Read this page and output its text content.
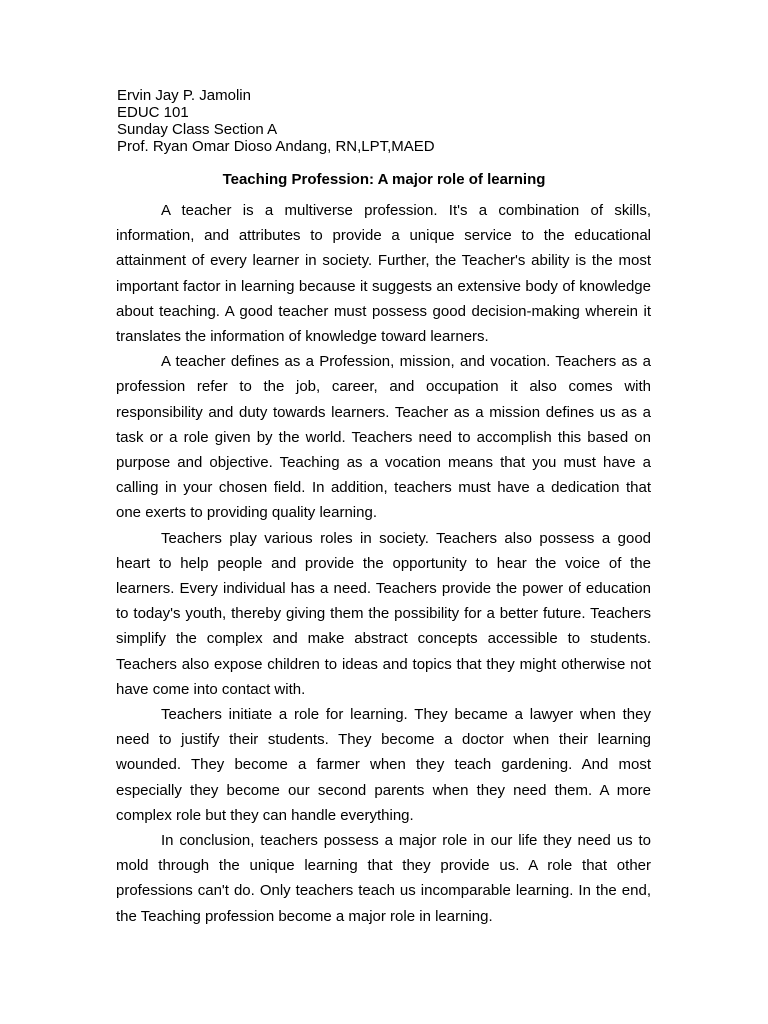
Ervin Jay P. Jamolin
EDUC 101
Sunday Class Section A
Prof. Ryan Omar Dioso Andang, RN,LPT,MAED
Teaching Profession: A major role of learning

A teacher is a multiverse profession. It's a combination of skills, information, and attributes to provide a unique service to the educational attainment of every learner in society. Further, the Teacher's ability is the most important factor in learning because it suggests an extensive body of knowledge about teaching. A good teacher must possess good decision-making wherein it translates the information of knowledge toward learners.

A teacher defines as a Profession, mission, and vocation. Teachers as a profession refer to the job, career, and occupation it also comes with responsibility and duty towards learners. Teacher as a mission defines us as a task or a role given by the world. Teachers need to accomplish this based on purpose and objective. Teaching as a vocation means that you must have a calling in your chosen field. In addition, teachers must have a dedication that one exerts to providing quality learning.

Teachers play various roles in society. Teachers also possess a good heart to help people and provide the opportunity to hear the voice of the learners. Every individual has a need. Teachers provide the power of education to today's youth, thereby giving them the possibility for a better future. Teachers simplify the complex and make abstract concepts accessible to students. Teachers also expose children to ideas and topics that they might otherwise not have come into contact with.

Teachers initiate a role for learning. They became a lawyer when they need to justify their students. They become a doctor when their learning wounded. They become a farmer when they teach gardening. And most especially they become our second parents when they need them. A more complex role but they can handle everything.

In conclusion, teachers possess a major role in our life they need us to mold through the unique learning that they provide us. A role that other professions can't do. Only teachers teach us incomparable learning. In the end, the Teaching profession become a major role in learning.
